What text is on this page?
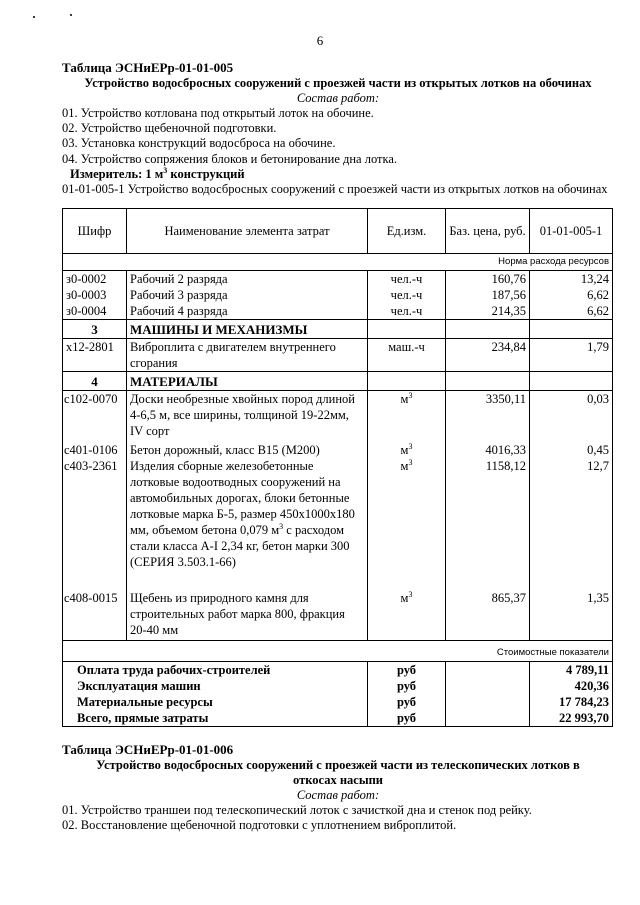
6

Таблица ЭСНиЕРр-01-01-005

Устройство водосбросных сооружений с проезжей части из открытых лотков на обочинах

Состав работ:

01. Устройство котлована под открытый лоток на обочине.

02. Устройство щебеночной подготовки.

03. Установка конструкций водосброса на обочине.

04. Устройство сопряжения блоков и бетонирование дна лотка.

Измеритель: 1 $м^3$ конструкций

01-01-005-1 Устройство водосбросных сооружений с проезжей части из открытых лотков на обочинах

Шифр	Наименование элемента затрат	Ед.изм.	Баз. цена, руб.	01-01-005-1
Норма расхода ресурсов				
з0-0002	Рабочий 2 разряда	чел.-ч	160,76	13,24
з0-0003	Рабочий 3 разряда	чел.-ч	187,56	6,62
з0-0004	Рабочий 4 разряда	чел.-ч	214,35	6,62
3	МАШИНЫ И МЕХАНИЗМЫ			
х12-2801	Виброплита с двигателем внутреннего сгорания	маш.-ч	234,84	1,79
4	МАТЕРИАЛЫ			
с102-0070	Доски необрезные хвойных пород длиной 4-6,5 м, все ширины, толщиной 19-22мм, IV сорт	$м^3$	3350,11	0,03
с401-0106	Бетон дорожный, класс В15 (М200)	$м^3$	4016,33	0,45
с403-2361	Изделия сборные железобетонные лотковые водоотводных сооружений на автомобильных дорогах, блоки бетонные лотковые марка Б-5, размер 450х1000х180 мм, объемом бетона 0,079 $м^3$ с расходом стали класса А-I 2,34 кг, бетон марки 300 (СЕРИЯ 3.503.1-66)	$м^3$	1158,12	12,7
с408-0015	Щебень из природного камня для строительных работ марка 800, фракция 20-40 мм	$м^3$	865,37	1,35
Стоимостные показатели				
Оплата труда рабочих-строителей		руб		4 789,11
Эксплуатация машин		руб		420,36
Материальные ресурсы		руб		17 784,23
Всего, прямые затраты		руб		22 993,70

Таблица ЭСНиЕРр-01-01-006

Устройство водосбросных сооружений с проезжей части из телескопических лотков в откосах насыпи

Состав работ:

01. Устройство траншеи под телескопический лоток с зачисткой дна и стенок под рейку.

02. Восстановление щебеночной подготовки с уплотнением виброплитой.
